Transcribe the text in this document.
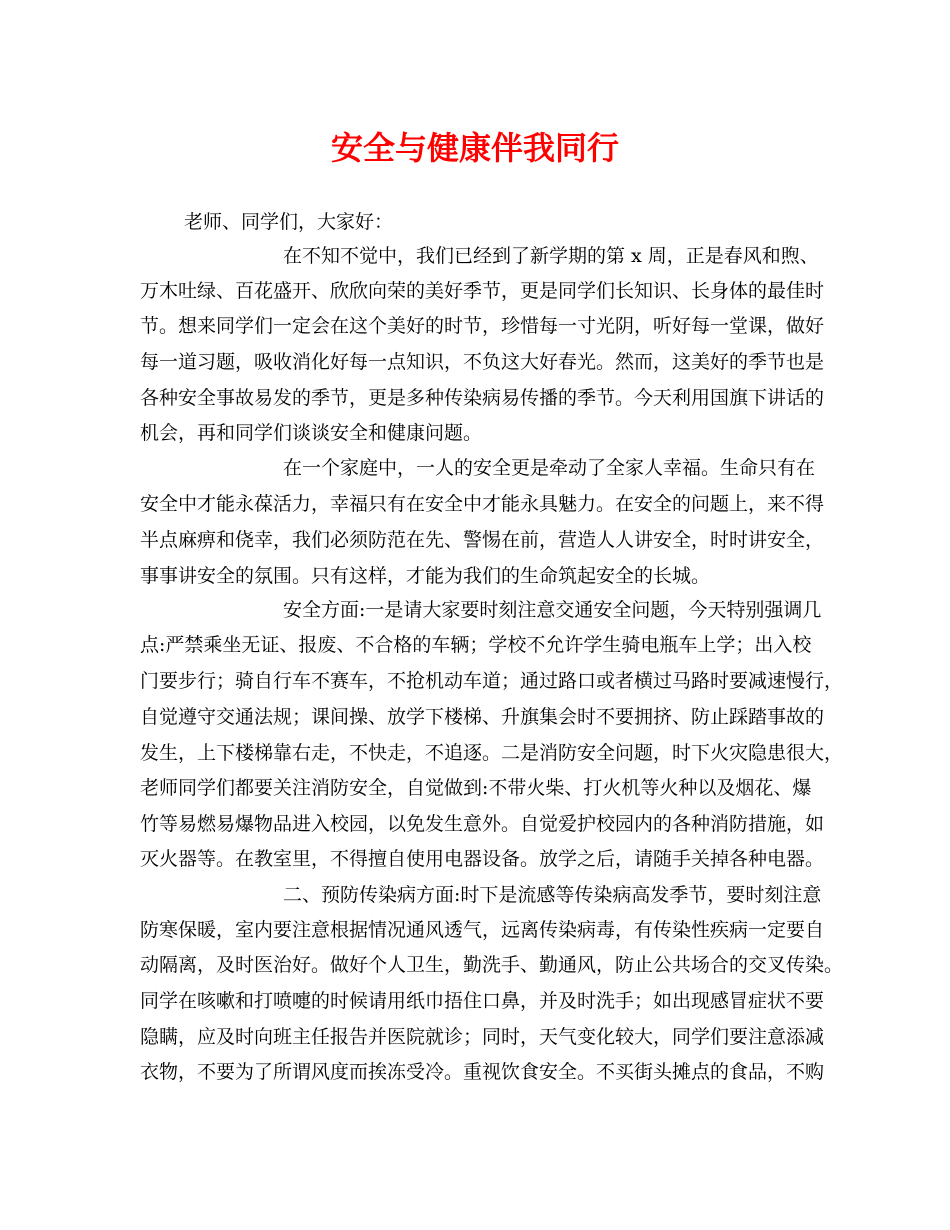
安全与健康伴我同行

老师、同学们，大家好：

在不知不觉中，我们已经到了新学期的第 x 周，正是春风和煦、

万木吐绿、百花盛开、欣欣向荣的美好季节，更是同学们长知识、长身体的最佳时

节。想来同学们一定会在这个美好的时节，珍惜每一寸光阴，听好每一堂课，做好

每一道习题，吸收消化好每一点知识，不负这大好春光。然而，这美好的季节也是

各种安全事故易发的季节，更是多种传染病易传播的季节。今天利用国旗下讲话的

机会，再和同学们谈谈安全和健康问题。

在一个家庭中，一人的安全更是牵动了全家人幸福。生命只有在

安全中才能永葆活力，幸福只有在安全中才能永具魅力。在安全的问题上，来不得

半点麻痹和侥幸，我们必须防范在先、警惕在前，营造人人讲安全，时时讲安全，

事事讲安全的氛围。只有这样，才能为我们的生命筑起安全的长城。

安全方面:一是请大家要时刻注意交通安全问题，今天特别强调几

点:严禁乘坐无证、报废、不合格的车辆；学校不允许学生骑电瓶车上学；出入校

门要步行；骑自行车不赛车，不抢机动车道；通过路口或者横过马路时要减速慢行，

自觉遵守交通法规；课间操、放学下楼梯、升旗集会时不要拥挤、防止踩踏事故的

发生，上下楼梯靠右走，不快走，不追逐。二是消防安全问题，时下火灾隐患很大，

老师同学们都要关注消防安全，自觉做到:不带火柴、打火机等火种以及烟花、爆

竹等易燃易爆物品进入校园，以免发生意外。自觉爱护校园内的各种消防措施，如

灭火器等。在教室里，不得擅自使用电器设备。放学之后，请随手关掉各种电器。

二、预防传染病方面:时下是流感等传染病高发季节，要时刻注意

防寒保暖，室内要注意根据情况通风透气，远离传染病毒，有传染性疾病一定要自

动隔离，及时医治好。做好个人卫生，勤洗手、勤通风，防止公共场合的交叉传染。

同学在咳嗽和打喷嚏的时候请用纸巾捂住口鼻，并及时洗手；如出现感冒症状不要

隐瞒，应及时向班主任报告并医院就诊；同时，天气变化较大，同学们要注意添减

衣物，不要为了所谓风度而挨冻受冷。重视饮食安全。不买街头摊点的食品，不购
